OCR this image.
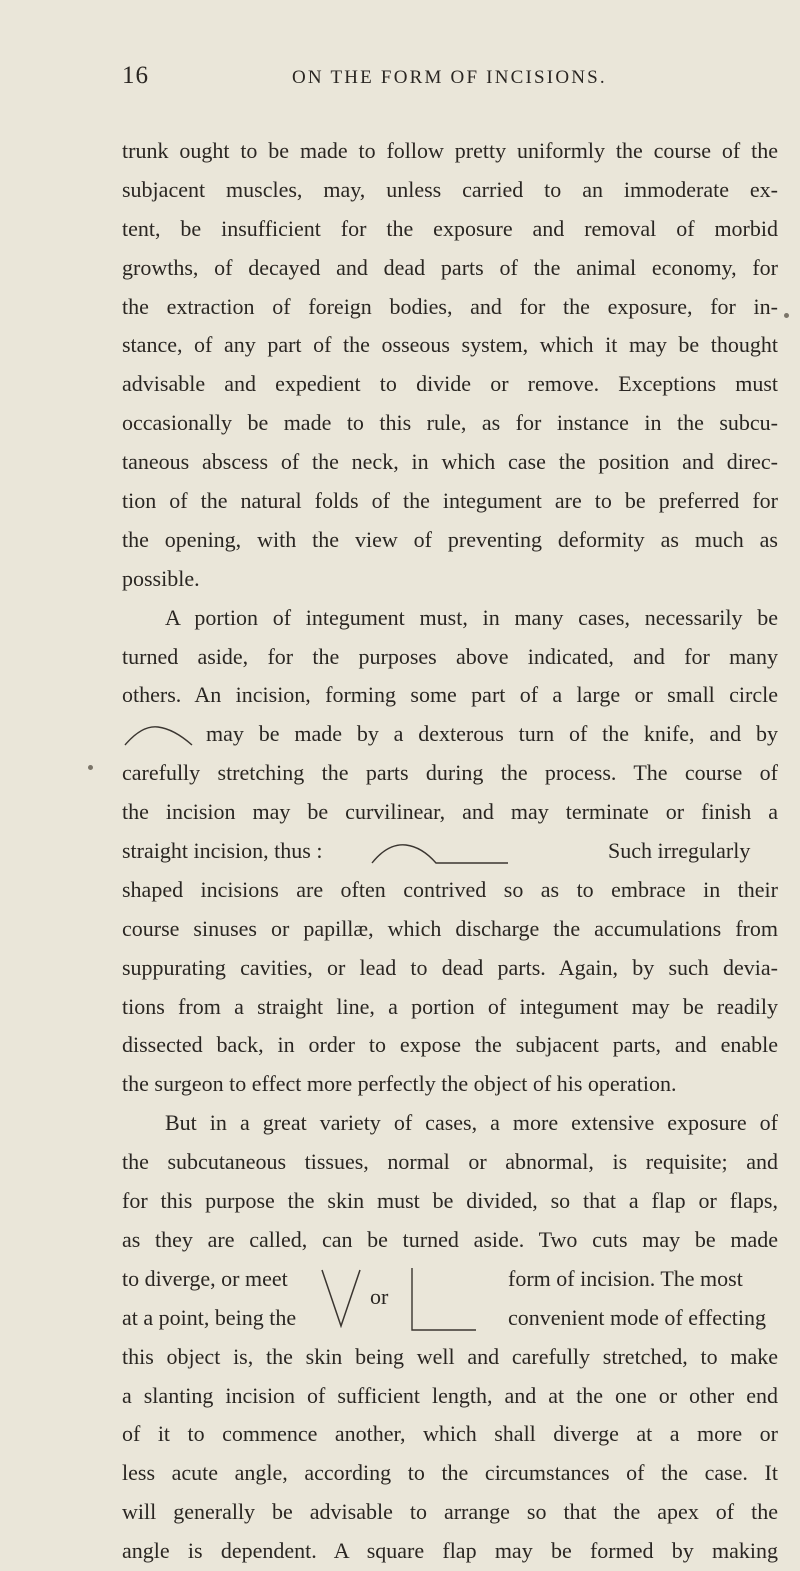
16	ON THE FORM OF INCISIONS.
trunk ought to be made to follow pretty uniformly the course of the
subjacent muscles, may, unless carried to an immoderate ex-
tent, be insufficient for the exposure and removal of morbid
growths, of decayed and dead parts of the animal economy, for
the extraction of foreign bodies, and for the exposure, for in-
stance, of any part of the osseous system, which it may be thought
advisable and expedient to divide or remove. Exceptions must
occasionally be made to this rule, as for instance in the subcu-
taneous abscess of the neck, in which case the position and direc-
tion of the natural folds of the integument are to be preferred for
the opening, with the view of preventing deformity as much as
possible.
A portion of integument must, in many cases, necessarily be
turned aside, for the purposes above indicated, and for many
others. An incision, forming some part of a large or small circle
may be made by a dexterous turn of the knife, and by
carefully stretching the parts during the process. The course of
the incision may be curvilinear, and may terminate or finish a
straight incision, thus :	Such irregularly
shaped incisions are often contrived so as to embrace in their
course sinuses or papillæ, which discharge the accumulations from
suppurating cavities, or lead to dead parts. Again, by such devia-
tions from a straight line, a portion of integument may be readily
dissected back, in order to expose the subjacent parts, and enable
the surgeon to effect more perfectly the object of his operation.
But in a great variety of cases, a more extensive exposure of
the subcutaneous tissues, normal or abnormal, is requisite; and
for this purpose the skin must be divided, so that a flap or flaps,
as they are called, can be turned aside. Two cuts may be made
to diverge, or meet
at a point, being the
or
form of incision. The most
convenient mode of effecting
this object is, the skin being well and carefully stretched, to make
a slanting incision of sufficient length, and at the one or other end
of it to commence another, which shall diverge at a more or
less acute angle, according to the circumstances of the case. It
will generally be advisable to arrange so that the apex of the
angle is dependent. A square flap may be formed by making
